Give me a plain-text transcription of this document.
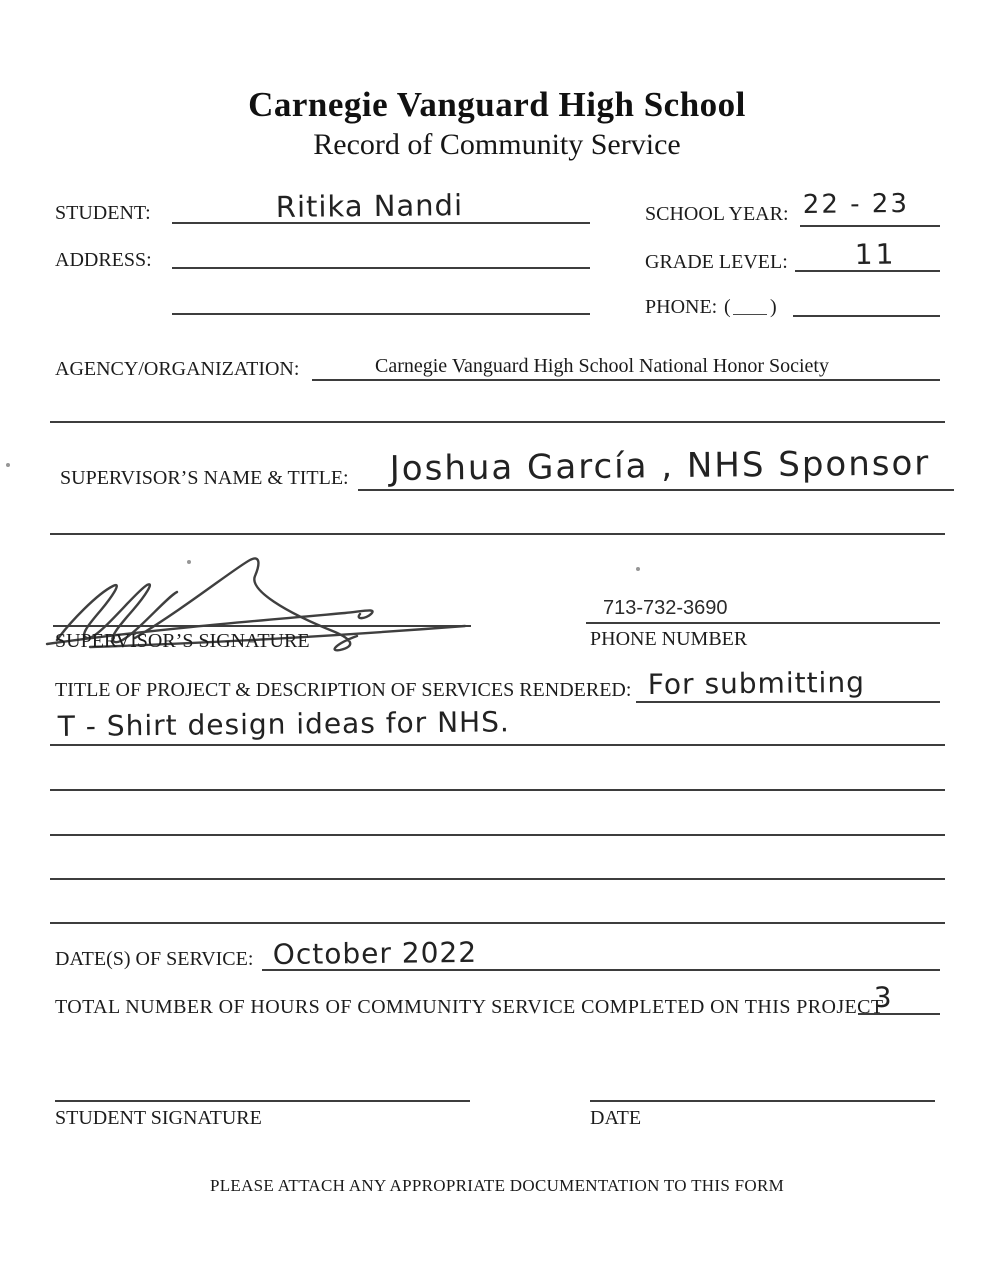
Carnegie Vanguard High School
Record of Community Service
STUDENT:	Ritika Nandi	SCHOOL YEAR: 22 - 23
ADDRESS:	GRADE LEVEL: 11
PHONE: ( )
AGENCY/ORGANIZATION:	Carnegie Vanguard High School National Honor Society
SUPERVISOR’S NAME & TITLE: Joshua García , NHS Sponsor
SUPERVISOR’S SIGNATURE
713-732-3690
PHONE NUMBER
TITLE OF PROJECT & DESCRIPTION OF SERVICES RENDERED: For submitting
T - Shirt design ideas for NHS.
DATE(S) OF SERVICE: October 2022
TOTAL NUMBER OF HOURS OF COMMUNITY SERVICE COMPLETED ON THIS PROJECT
3
STUDENT SIGNATURE	DATE
PLEASE ATTACH ANY APPROPRIATE DOCUMENTATION TO THIS FORM
